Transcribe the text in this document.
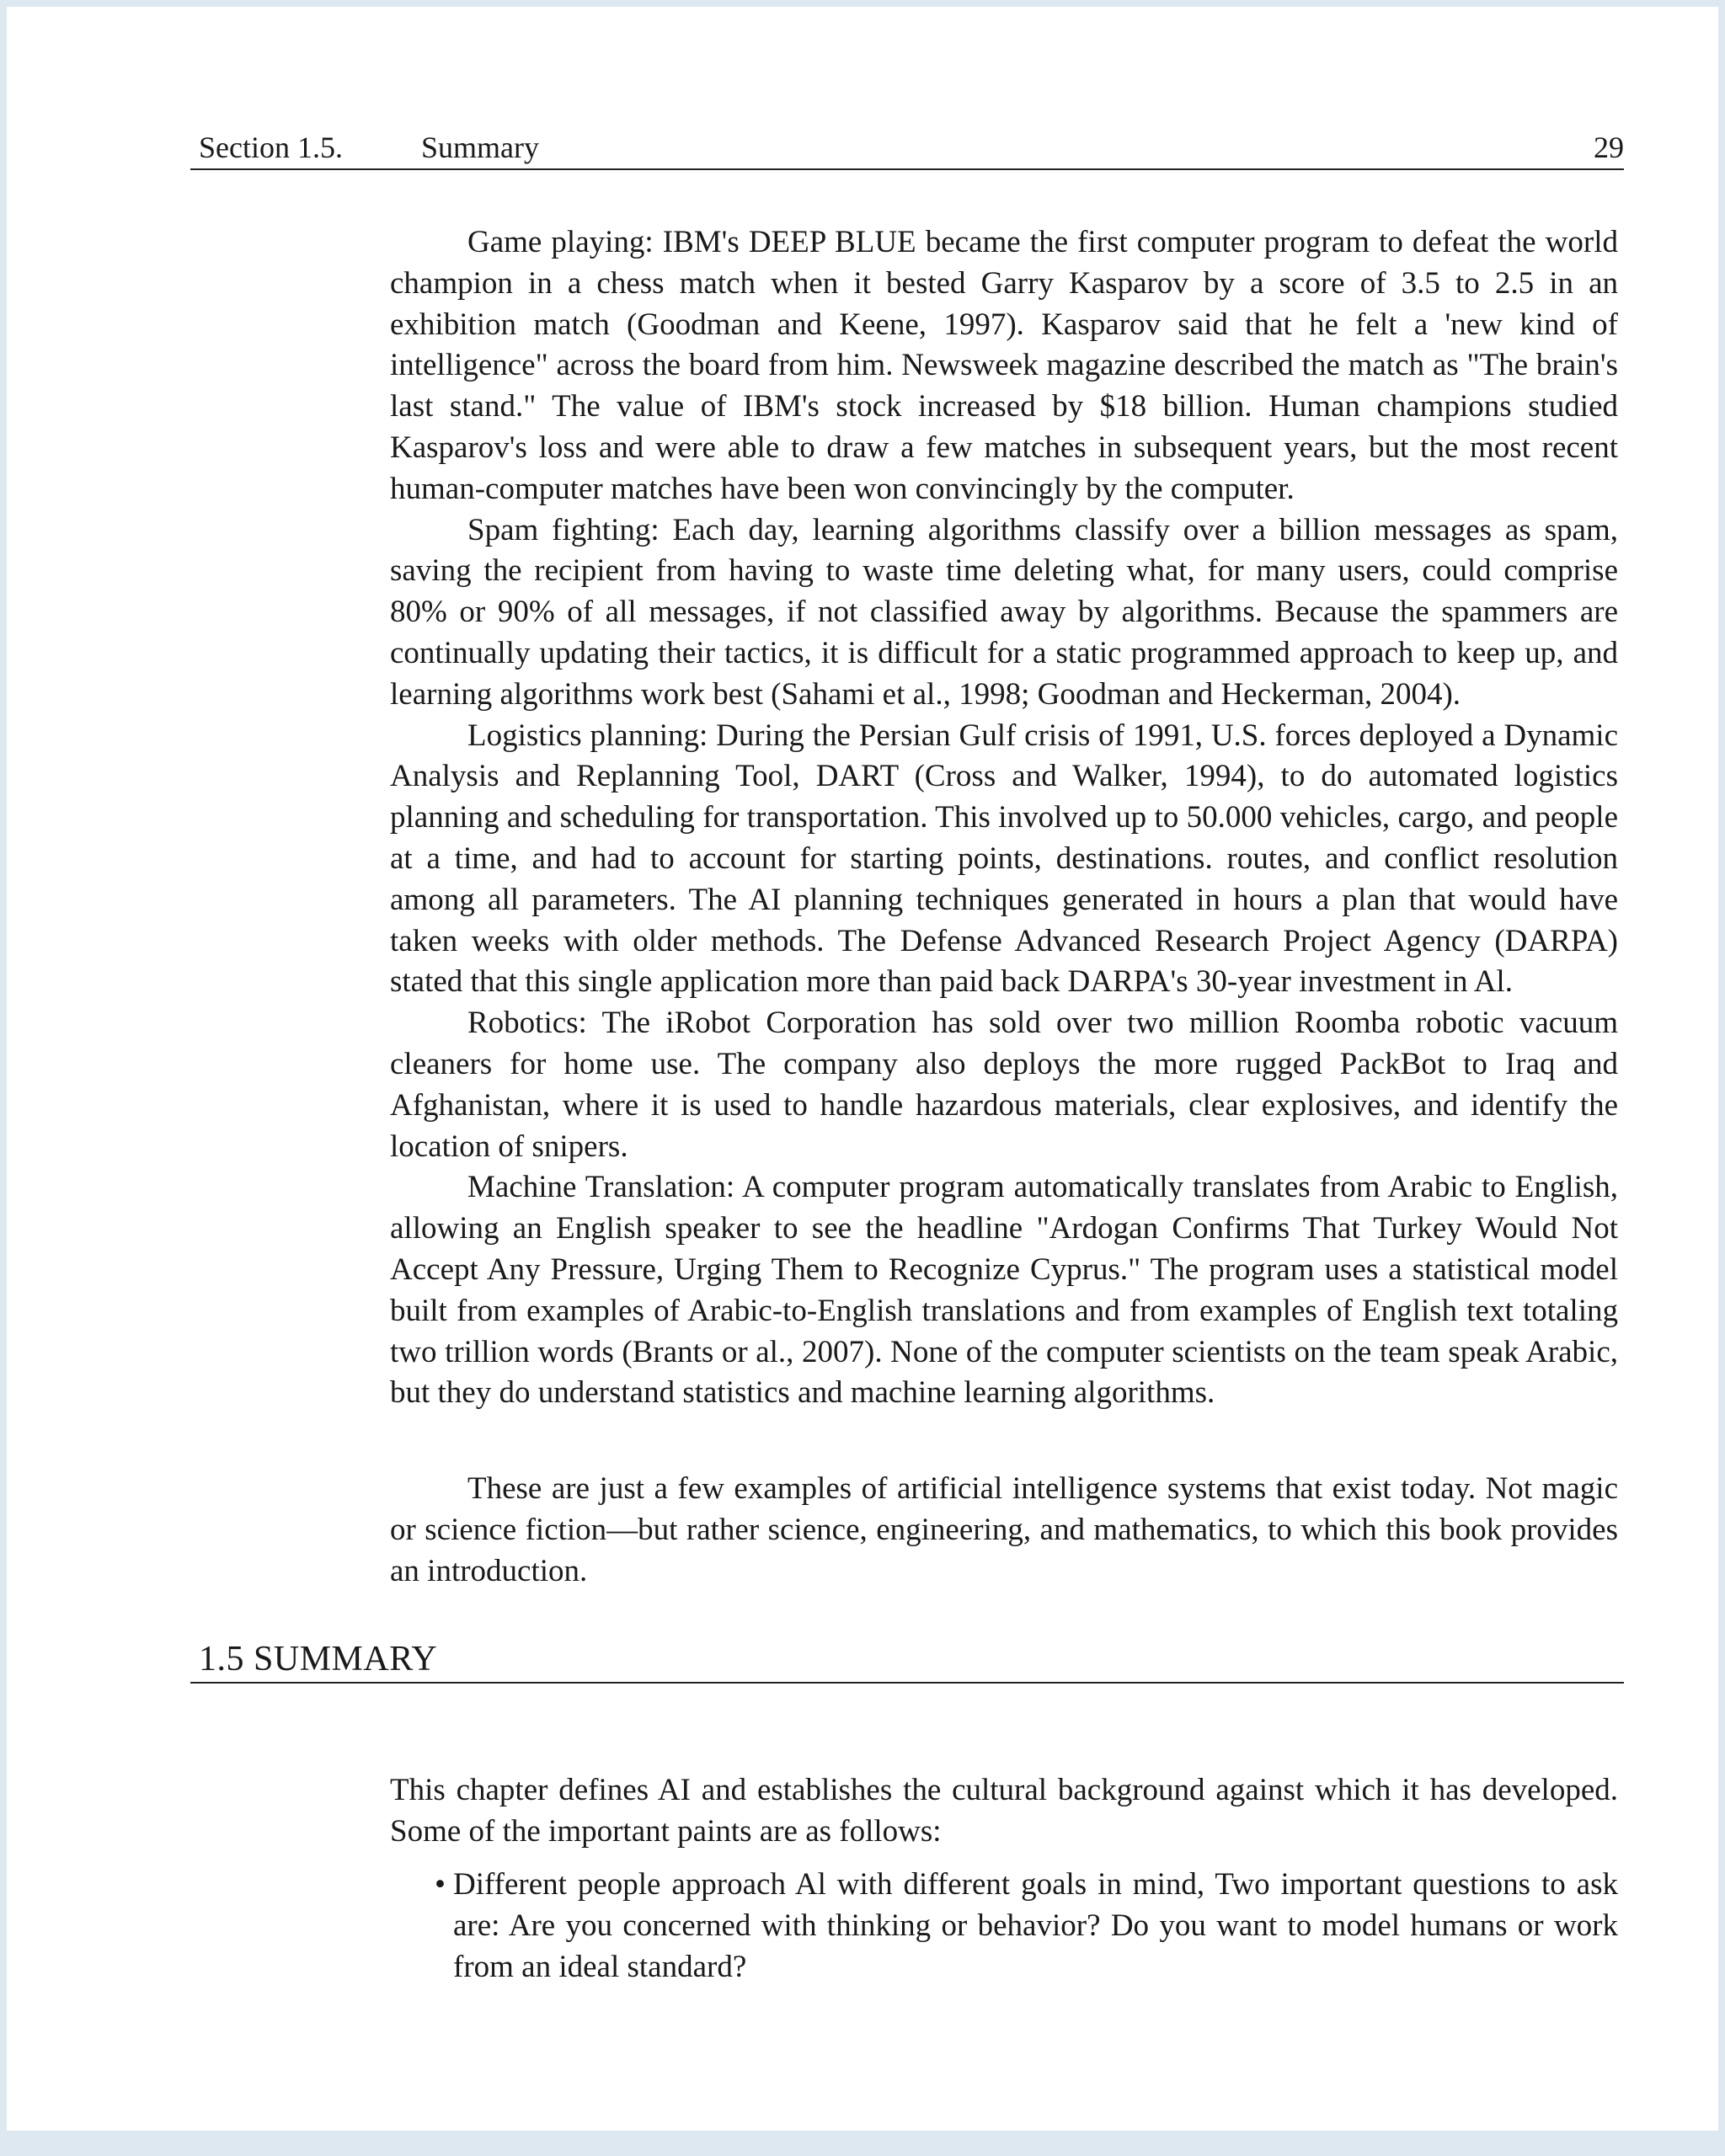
Section 1.5.	Summary	29

Game playing: IBM's DEEP BLUE became the first computer program to defeat the world champion in a chess match when it bested Garry Kasparov by a score of 3.5 to 2.5 in an exhibition match (Goodman and Keene, 1997). Kasparov said that he felt a 'new kind of intelligence" across the board from him. Newsweek magazine described the match as "The brain's last stand." The value of IBM's stock increased by $18 billion. Human champions studied Kasparov's loss and were able to draw a few matches in subsequent years, but the most recent human-computer matches have been won convincingly by the computer.

Spam fighting: Each day, learning algorithms classify over a billion messages as spam, saving the recipient from having to waste time deleting what, for many users, could comprise 80% or 90% of all messages, if not classified away by algorithms. Because the spammers are continually updating their tactics, it is difficult for a static programmed approach to keep up, and learning algorithms work best (Sahami et al., 1998; Goodman and Heckerman, 2004).

Logistics planning: During the Persian Gulf crisis of 1991, U.S. forces deployed a Dynamic Analysis and Replanning Tool, DART (Cross and Walker, 1994), to do automated logistics planning and scheduling for transportation. This involved up to 50.000 vehicles, cargo, and people at a time, and had to account for starting points, destinations. routes, and conflict resolution among all parameters. The AI planning techniques generated in hours a plan that would have taken weeks with older methods. The Defense Advanced Research Project Agency (DARPA) stated that this single application more than paid back DARPA's 30-year investment in Al.

Robotics: The iRobot Corporation has sold over two million Roomba robotic vacuum cleaners for home use. The company also deploys the more rugged PackBot to Iraq and Afghanistan, where it is used to handle hazardous materials, clear explosives, and identify the location of snipers.

Machine Translation: A computer program automatically translates from Arabic to English, allowing an English speaker to see the headline "Ardogan Confirms That Turkey Would Not Accept Any Pressure, Urging Them to Recognize Cyprus." The program uses a statistical model built from examples of Arabic-to-English translations and from examples of English text totaling two trillion words (Brants or al., 2007). None of the computer scientists on the team speak Arabic, but they do understand statistics and machine learning algorithms.

These are just a few examples of artificial intelligence systems that exist today. Not magic or science fiction—but rather science, engineering, and mathematics, to which this book provides an introduction.

1.5 SUMMARY

This chapter defines AI and establishes the cultural background against which it has developed. Some of the important paints are as follows:

• Different people approach Al with different goals in mind, Two important questions to ask are: Are you concerned with thinking or behavior? Do you want to model humans or work from an ideal standard?
